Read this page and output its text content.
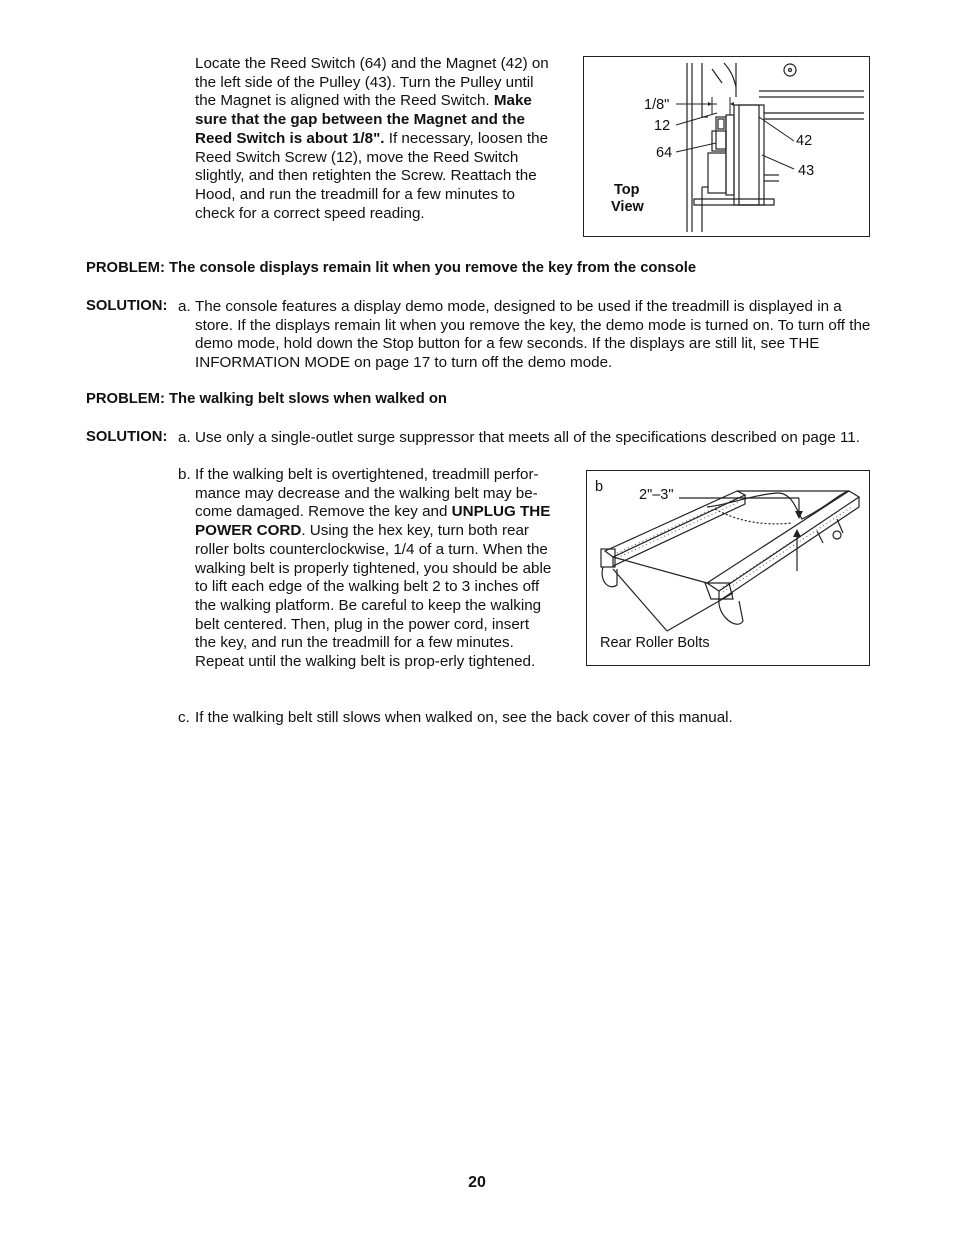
Locate the Reed Switch (64) and the Magnet (42) on the left side of the Pulley (43). Turn the Pulley until the Magnet is aligned with the Reed Switch. Make sure that the gap between the Magnet and the Reed Switch is about 1/8". If necessary, loosen the Reed Switch Screw (12), move the Reed Switch slightly, and then retighten the Screw. Reattach the Hood, and run the treadmill for a few minutes to check for a correct speed reading.
1/8"
12
64
42
43
Top
View
PROBLEM: The console displays remain lit when you remove the key from the console
SOLUTION: a. The console features a display demo mode, designed to be used if the treadmill is displayed in a store. If the displays remain lit when you remove the key, the demo mode is turned on. To turn off the demo mode, hold down the Stop button for a few seconds. If the displays are still lit, see THE INFORMATION MODE on page 17 to turn off the demo mode.
PROBLEM: The walking belt slows when walked on
SOLUTION: a. Use only a single-outlet surge suppressor that meets all of the specifications described on page 11.
b. If the walking belt is overtightened, treadmill perfor-mance may decrease and the walking belt may be-come damaged. Remove the key and UNPLUG THE POWER CORD. Using the hex key, turn both rear roller bolts counterclockwise, 1/4 of a turn. When the walking belt is properly tightened, you should be able to lift each edge of the walking belt 2 to 3 inches off the walking platform. Be careful to keep the walking belt centered. Then, plug in the power cord, insert the key, and run the treadmill for a few minutes. Repeat until the walking belt is prop-erly tightened.
b 2"–3"
Rear Roller Bolts
c. If the walking belt still slows when walked on, see the back cover of this manual.
20
